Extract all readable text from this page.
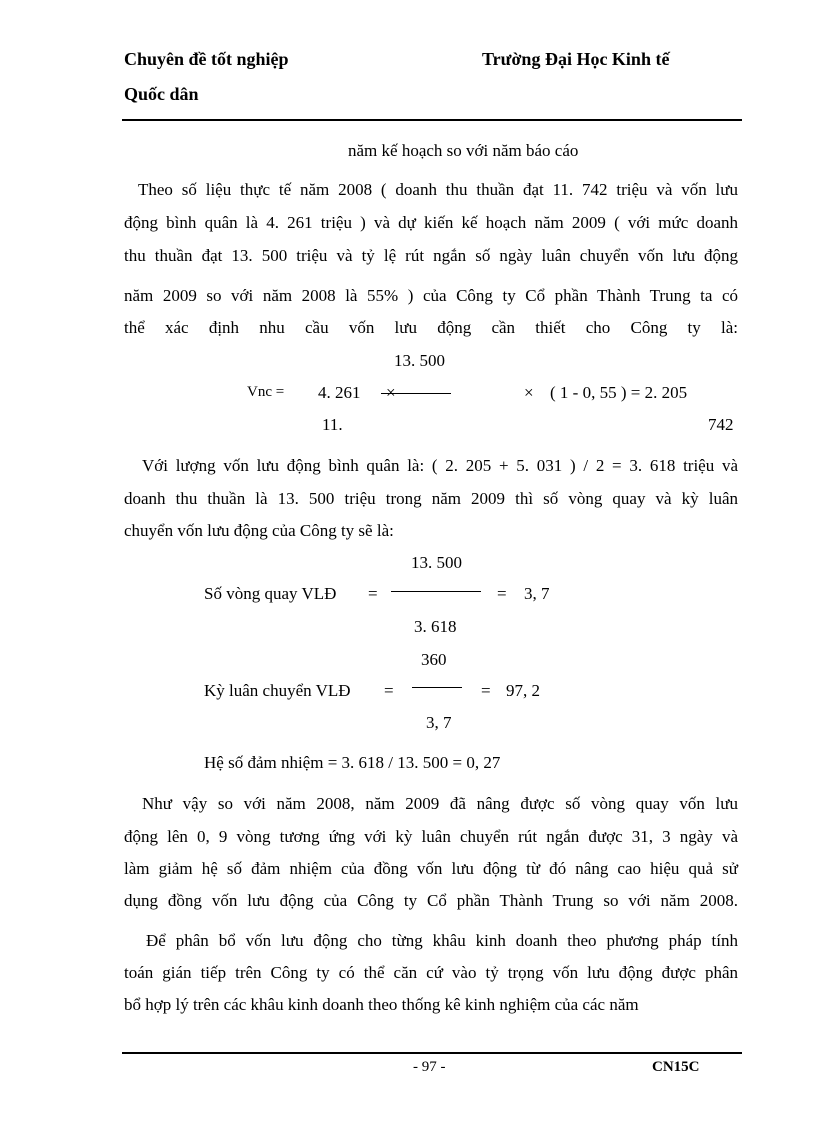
Chuyên đề tốt nghiệp	Trường Đại Học Kinh tế
Quốc dân
năm kế hoạch so với năm báo cáo
Theo số liệu thực tế năm 2008 ( doanh thu thuần đạt 11. 742 triệu và vốn lưu
động bình quân là 4. 261 triệu ) và dự kiến kế hoạch năm 2009 ( với mức doanh
thu thuần đạt 13. 500 triệu và tỷ lệ rút ngắn số ngày luân chuyển vốn lưu động
năm 2009 so với năm 2008 là 55% ) của Công ty Cổ phần Thành Trung ta có
thể xác định nhu cầu vốn lưu động cần thiết cho Công ty là:
13. 500
Vnc = 4. 261	× ( 1 - 0, 55 ) = 2. 205
11.	742
Với lượng vốn lưu động bình quân là: ( 2. 205 + 5. 031 ) / 2 = 3. 618 triệu và
doanh thu thuần là 13. 500 triệu trong năm 2009 thì số vòng quay và kỳ luân
chuyển vốn lưu động của Công ty sẽ là:
13. 500
Số vòng quay VLĐ =	= 3, 7
3. 618
360
Kỳ luân chuyển VLĐ =	= 97, 2
3, 7
Hệ số đảm nhiệm = 3. 618 / 13. 500 = 0, 27
Như vậy so với năm 2008, năm 2009 đã nâng được số vòng quay vốn lưu
động lên 0, 9 vòng tương ứng với kỳ luân chuyển rút ngắn được 31, 3 ngày và
làm giảm hệ số đảm nhiệm của đồng vốn lưu động từ đó nâng cao hiệu quả sử
dụng đồng vốn lưu động của Công ty Cổ phần Thành Trung so với năm 2008.
Để phân bổ vốn lưu động cho từng khâu kinh doanh theo phương pháp tính
toán gián tiếp trên Công ty có thể căn cứ vào tỷ trọng vốn lưu động được phân
bổ hợp lý trên các khâu kinh doanh theo thống kê kinh nghiệm của các năm
- 97 -	CN15C
